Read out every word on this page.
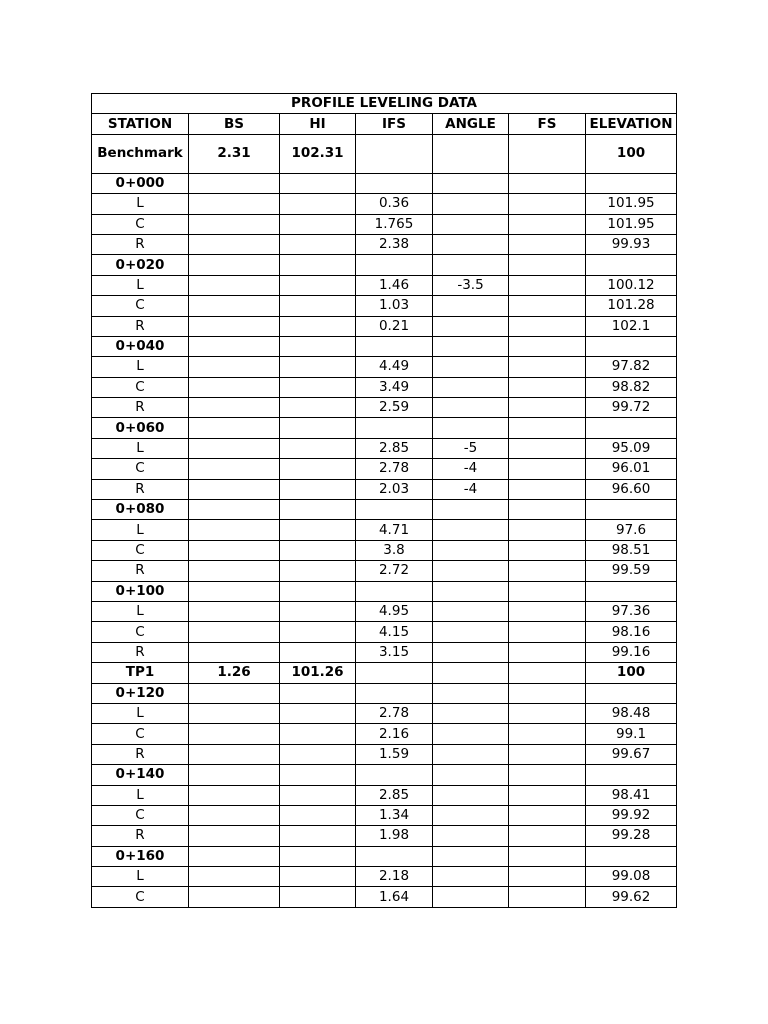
PROFILE LEVELING DATA						
STATION	BS	HI	IFS	ANGLE	FS	ELEVATION
Benchmark	2.31	102.31				100
0+000						
L			0.36			101.95
C			1.765			101.95
R			2.38			99.93
0+020						
L			1.46	-3.5		100.12
C			1.03			101.28
R			0.21			102.1
0+040						
L			4.49			97.82
C			3.49			98.82
R			2.59			99.72
0+060						
L			2.85	-5		95.09
C			2.78	-4		96.01
R			2.03	-4		96.60
0+080						
L			4.71			97.6
C			3.8			98.51
R			2.72			99.59
0+100						
L			4.95			97.36
C			4.15			98.16
R			3.15			99.16
TP1	1.26	101.26				100
0+120						
L			2.78			98.48
C			2.16			99.1
R			1.59			99.67
0+140						
L			2.85			98.41
C			1.34			99.92
R			1.98			99.28
0+160						
L			2.18			99.08
C			1.64			99.62
